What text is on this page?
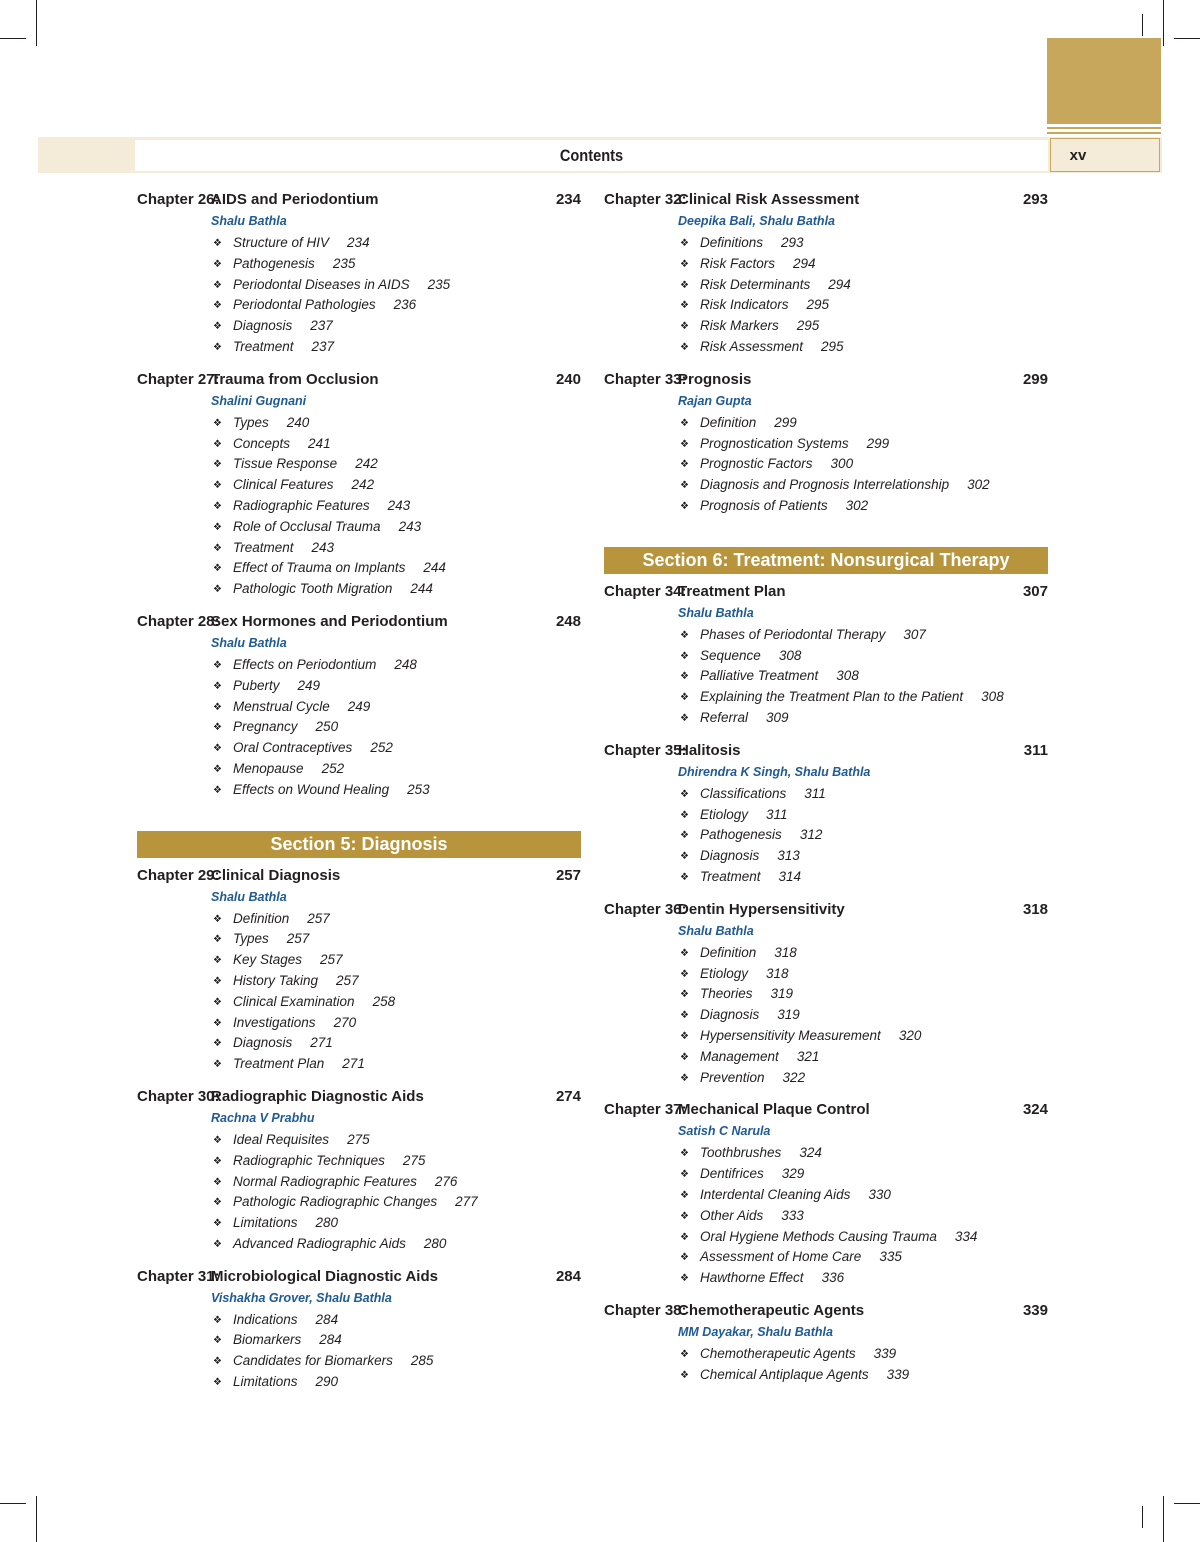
Contents	xv
Chapter 26:
AIDS and Periodontium	234
Shalu Bathla
❖ Structure of HIV 234
❖ Pathogenesis 235
❖ Periodontal Diseases in AIDS 235
❖ Periodontal Pathologies 236
❖ Diagnosis 237
❖ Treatment 237
Chapter 27:
Trauma from Occlusion	240
Shalini Gugnani
❖ Types 240
❖ Concepts 241
❖ Tissue Response 242
❖ Clinical Features 242
❖ Radiographic Features 243
❖ Role of Occlusal Trauma 243
❖ Treatment 243
❖ Effect of Trauma on Implants 244
❖ Pathologic Tooth Migration 244
Chapter 28:
Sex Hormones and Periodontium	248
Shalu Bathla
❖ Effects on Periodontium 248
❖ Puberty 249
❖ Menstrual Cycle 249
❖ Pregnancy 250
❖ Oral Contraceptives 252
❖ Menopause 252
❖ Effects on Wound Healing 253
Section 5: Diagnosis
Chapter 29:
Clinical Diagnosis	257
Shalu Bathla
❖ Definition 257
❖ Types 257
❖ Key Stages 257
❖ History Taking 257
❖ Clinical Examination 258
❖ Investigations 270
❖ Diagnosis 271
❖ Treatment Plan 271
Chapter 30:
Radiographic Diagnostic Aids	274
Rachna V Prabhu
❖ Ideal Requisites 275
❖ Radiographic Techniques 275
❖ Normal Radiographic Features 276
❖ Pathologic Radiographic Changes 277
❖ Limitations 280
❖ Advanced Radiographic Aids 280
Chapter 31:
Microbiological Diagnostic Aids	284
Vishakha Grover, Shalu Bathla
❖ Indications 284
❖ Biomarkers 284
❖ Candidates for Biomarkers 285
❖ Limitations 290
Chapter 32:
Clinical Risk Assessment	293
Deepika Bali, Shalu Bathla
❖ Definitions 293
❖ Risk Factors 294
❖ Risk Determinants 294
❖ Risk Indicators 295
❖ Risk Markers 295
❖ Risk Assessment 295
Chapter 33:
Prognosis	299
Rajan Gupta
❖ Definition 299
❖ Prognostication Systems 299
❖ Prognostic Factors 300
❖ Diagnosis and Prognosis Interrelationship 302
❖ Prognosis of Patients 302
Section 6: Treatment: Nonsurgical Therapy
Chapter 34:
Treatment Plan	307
Shalu Bathla
❖ Phases of Periodontal Therapy 307
❖ Sequence 308
❖ Palliative Treatment 308
❖ Explaining the Treatment Plan to the Patient 308
❖ Referral 309
Chapter 35:
Halitosis	311
Dhirendra K Singh, Shalu Bathla
❖ Classifications 311
❖ Etiology 311
❖ Pathogenesis 312
❖ Diagnosis 313
❖ Treatment 314
Chapter 36:
Dentin Hypersensitivity	318
Shalu Bathla
❖ Definition 318
❖ Etiology 318
❖ Theories 319
❖ Diagnosis 319
❖ Hypersensitivity Measurement 320
❖ Management 321
❖ Prevention 322
Chapter 37:
Mechanical Plaque Control	324
Satish C Narula
❖ Toothbrushes 324
❖ Dentifrices 329
❖ Interdental Cleaning Aids 330
❖ Other Aids 333
❖ Oral Hygiene Methods Causing Trauma 334
❖ Assessment of Home Care 335
❖ Hawthorne Effect 336
Chapter 38:
Chemotherapeutic Agents	339
MM Dayakar, Shalu Bathla
❖ Chemotherapeutic Agents 339
❖ Chemical Antiplaque Agents 339
